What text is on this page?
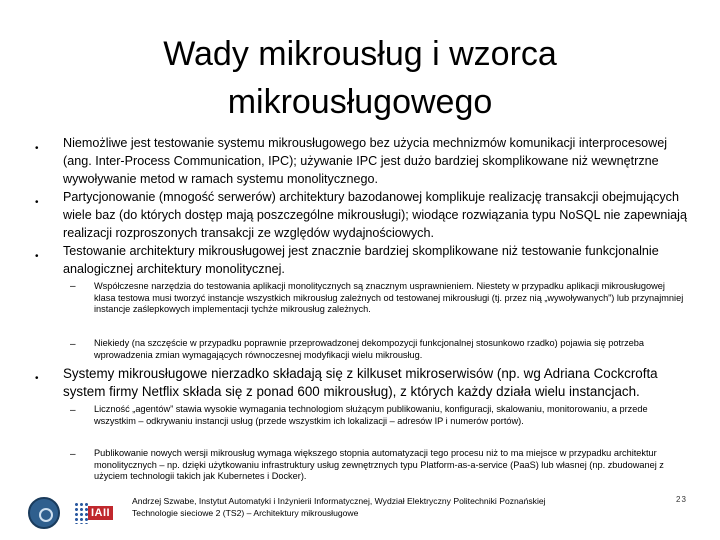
Wady mikrousług i wzorca mikrousługowego
• Niemożliwe jest testowanie systemu mikrousługowego bez użycia mechnizmów komunikacji interprocesowej (ang. Inter-Process Communication, IPC); używanie IPC jest dużo bardziej skomplikowane niż wewnętrzne wywoływanie metod w ramach systemu monolitycznego.
• Partycjonowanie (mnogość serwerów) architektury bazodanowej komplikuje realizację transakcji obejmujących wiele baz (do których dostęp mają poszczególne mikrousługi); wiodące rozwiązania typu NoSQL nie zapewniają realizacji rozproszonych transakcji ze względów wydajnościowych.
• Testowanie architektury mikrousługowej jest znacznie bardziej skomplikowane niż testowanie funkcjonalnie analogicznej architektury monolitycznej.
– Współczesne narzędzia do testowania aplikacji monolitycznych są znacznym usprawnieniem. Niestety w przypadku aplikacji mikrousługowej klasa testowa musi tworzyć instancje wszystkich mikrousług zależnych od testowanej mikrousługi (tj. przez nią „wywoływanych”) lub przynajmniej instancje zaślepkowych implementacji tychże mikrousług zależnych.
– Niekiedy (na szczęście w przypadku poprawnie przeprowadzonej dekompozycji funkcjonalnej stosunkowo rzadko) pojawia się potrzeba wprowadzenia zmian wymagających równoczesnej modyfikacji wielu mikrousług.
• Systemy mikrousługowe nierzadko składają się z kilkuset mikroserwisów (np. wg Adriana Cockcrofta system firmy Netflix składa się z ponad 600 mikrousług), z których każdy działa wielu instancjach.
– Liczność „agentów” stawia wysokie wymagania technologiom służącym publikowaniu, konfiguracji, skalowaniu, monitorowaniu, a przede wszystkim – odkrywaniu instancji usług (przede wszystkim ich lokalizacji – adresów IP i numerów portów).
– Publikowanie nowych wersji mikrousług wymaga większego stopnia automatyzacji tego procesu niż to ma miejsce w przypadku architektur monolitycznych – np. dzięki użytkowaniu infrastruktury usług zewnętrznych typu Platform-as-a-service (PaaS) lub własnej (np. zbudowanej z użyciem technologii takich jak Kubernetes i Docker).
IAII
Andrzej Szwabe, Instytut Automatyki i Inżynierii Informatycznej, Wydział Elektryczny Politechniki Poznańskiej
Technologie sieciowe 2 (TS2) – Architektury mikrousługowe
23
